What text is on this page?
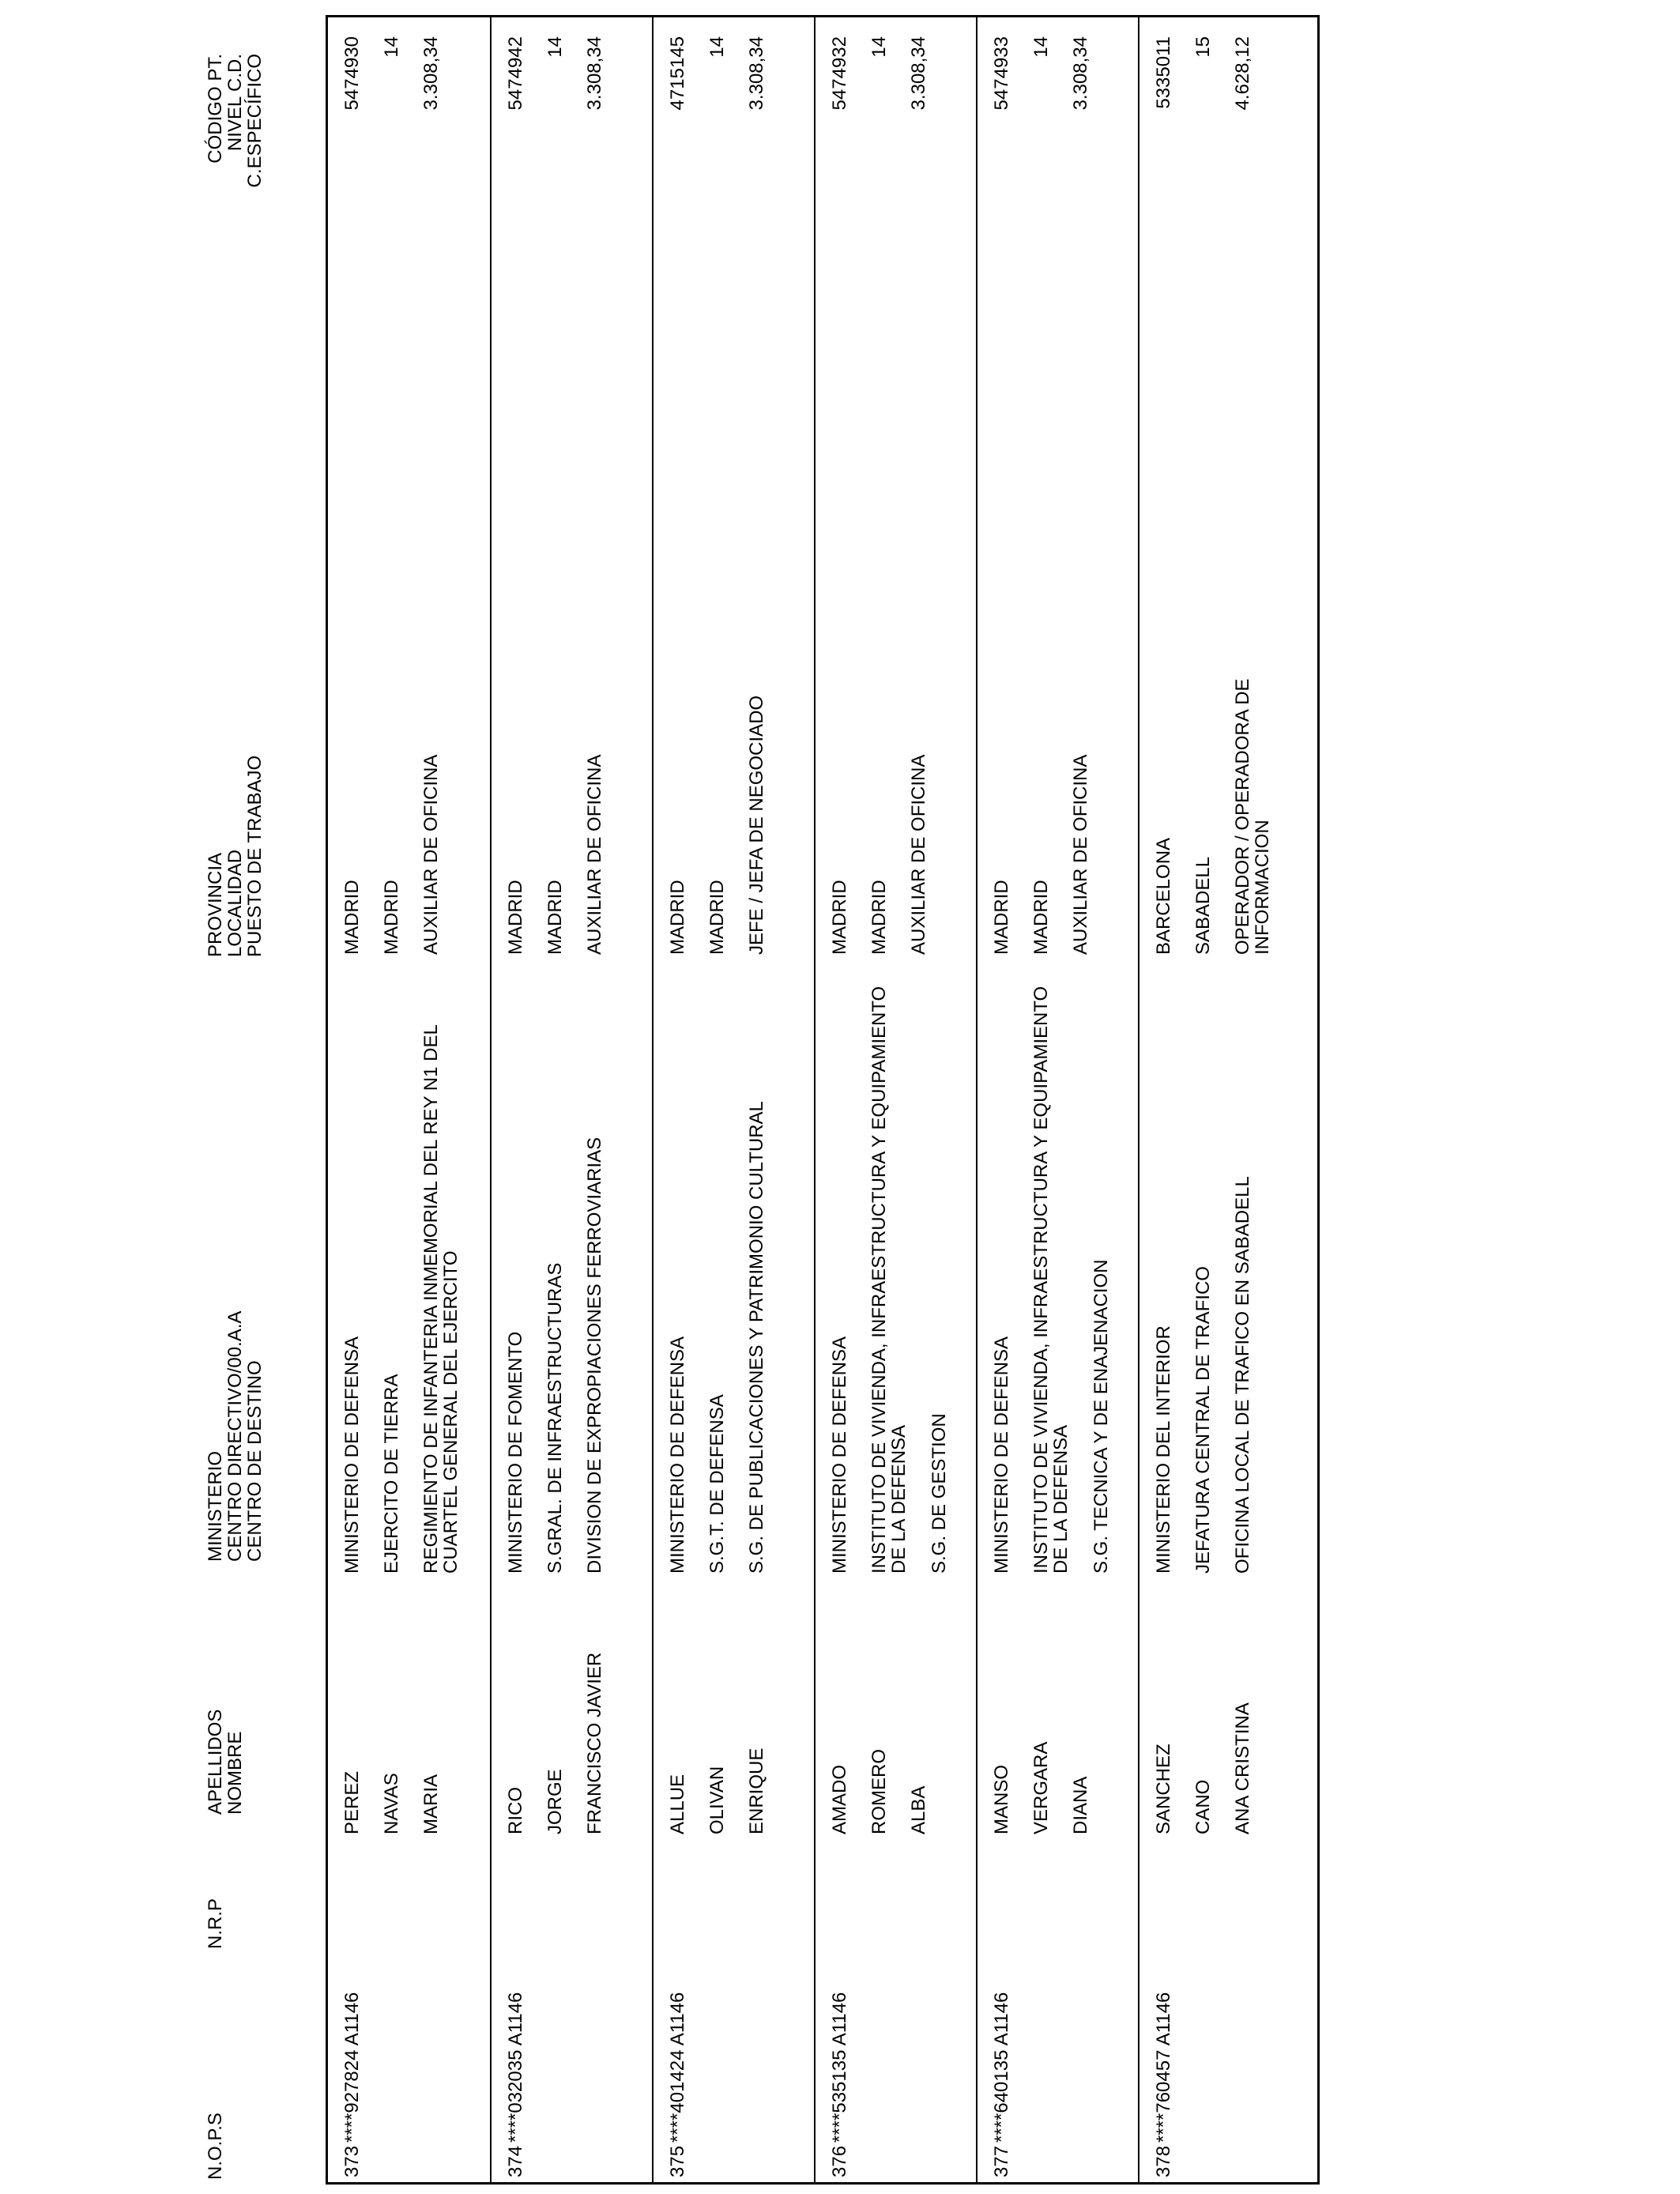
N.O.P.S
N.R.P
APELLIDOS
NOMBRE
MINISTERIO
CENTRO DIRECTIVO/00.A.A
CENTRO DE DESTINO
PROVINCIA
LOCALIDAD
PUESTO DE TRABAJO
CÓDIGO PT.
NIVEL C.D.
C.ESPECÍFICO
373
****927824 A1146
PEREZ NAVAS MARIA
MINISTERIO DE DEFENSA EJERCITO DE TIERRA REGIMIENTO DE INFANTERIA INMEMORIAL DEL REY N1 DEL CUARTEL GENERAL DEL EJERCITO
MADRID MADRID AUXILIAR DE OFICINA
5474930 14 3.308,34
374
****032035 A1146
RICO JORGE FRANCISCO JAVIER
MINISTERIO DE FOMENTO S.GRAL. DE INFRAESTRUCTURAS DIVISION DE EXPROPIACIONES FERROVIARIAS
MADRID MADRID AUXILIAR DE OFICINA
5474942 14 3.308,34
375
****401424 A1146
ALLUE OLIVAN ENRIQUE
MINISTERIO DE DEFENSA S.G.T. DE DEFENSA S.G. DE PUBLICACIONES Y PATRIMONIO CULTURAL
MADRID MADRID JEFE / JEFA DE NEGOCIADO
4715145 14 3.308,34
376
****535135 A1146
AMADO ROMERO ALBA
MINISTERIO DE DEFENSA INSTITUTO DE VIVIENDA, INFRAESTRUCTURA Y EQUIPAMIENTO DE LA DEFENSA S.G. DE GESTION
MADRID MADRID AUXILIAR DE OFICINA
5474932 14 3.308,34
377
****640135 A1146
MANSO VERGARA DIANA
MINISTERIO DE DEFENSA INSTITUTO DE VIVIENDA, INFRAESTRUCTURA Y EQUIPAMIENTO DE LA DEFENSA S.G. TECNICA Y DE ENAJENACION
MADRID MADRID AUXILIAR DE OFICINA
5474933 14 3.308,34
378
****760457 A1146
SANCHEZ CANO ANA CRISTINA
MINISTERIO DEL INTERIOR JEFATURA CENTRAL DE TRAFICO OFICINA LOCAL DE TRAFICO EN SABADELL
BARCELONA SABADELL OPERADOR / OPERADORA DE INFORMACION
5335011 15 4.628,12
